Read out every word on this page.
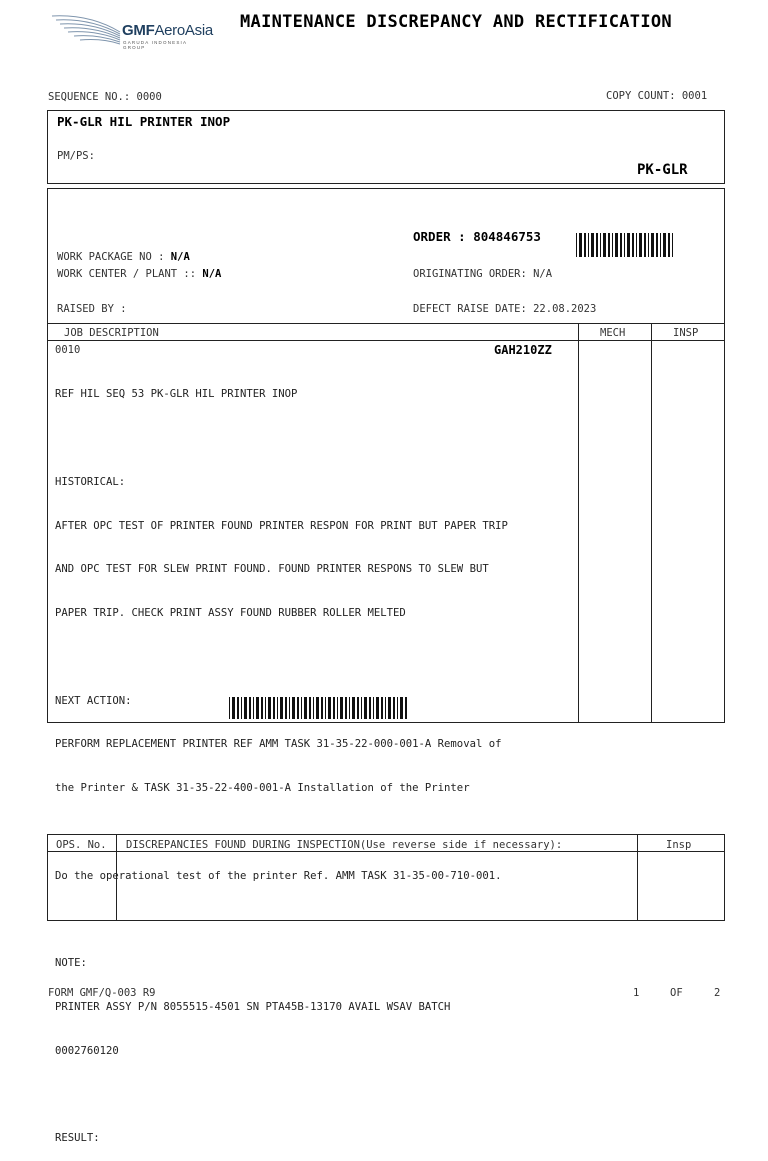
GMFAeroAsia
GARUDA INDONESIA GROUP
MAINTENANCE DISCREPANCY AND RECTIFICATION
SEQUENCE NO.: 0000	COPY COUNT: 0001
PK-GLR HIL PRINTER INOP
PM/PS:
PK-GLR
ORDER : 804846753
WORK PACKAGE NO : N/A
WORK CENTER / PLANT :: N/A	ORIGINATING ORDER: N/A
RAISED BY :	DEFECT RAISE DATE: 22.08.2023
JOB DESCRIPTION	MECH	INSP
0010	GAH210ZZ

REF HIL SEQ 53 PK-GLR HIL PRINTER INOP

HISTORICAL:

AFTER OPC TEST OF PRINTER FOUND PRINTER RESPON FOR PRINT BUT PAPER TRIP

AND OPC TEST FOR SLEW PRINT FOUND. FOUND PRINTER RESPONS TO SLEW BUT

PAPER TRIP. CHECK PRINT ASSY FOUND RUBBER ROLLER MELTED

NEXT ACTION:

PERFORM REPLACEMENT PRINTER REF AMM TASK 31-35-22-000-001-A Removal of

the Printer & TASK 31-35-22-400-001-A Installation of the Printer

Do the operational test of the printer Ref. AMM TASK 31-35-00-710-001.

NOTE:

PRINTER ASSY P/N 8055515-4501 SN PTA45B-13170 AVAIL WSAV BATCH

0002760120

RESULT:

OPS. No. DISCREPANCIES FOUND DURING INSPECTION(Use reverse side if necessary):	Insp
FORM GMF/Q-003 R9	1	OF	2
